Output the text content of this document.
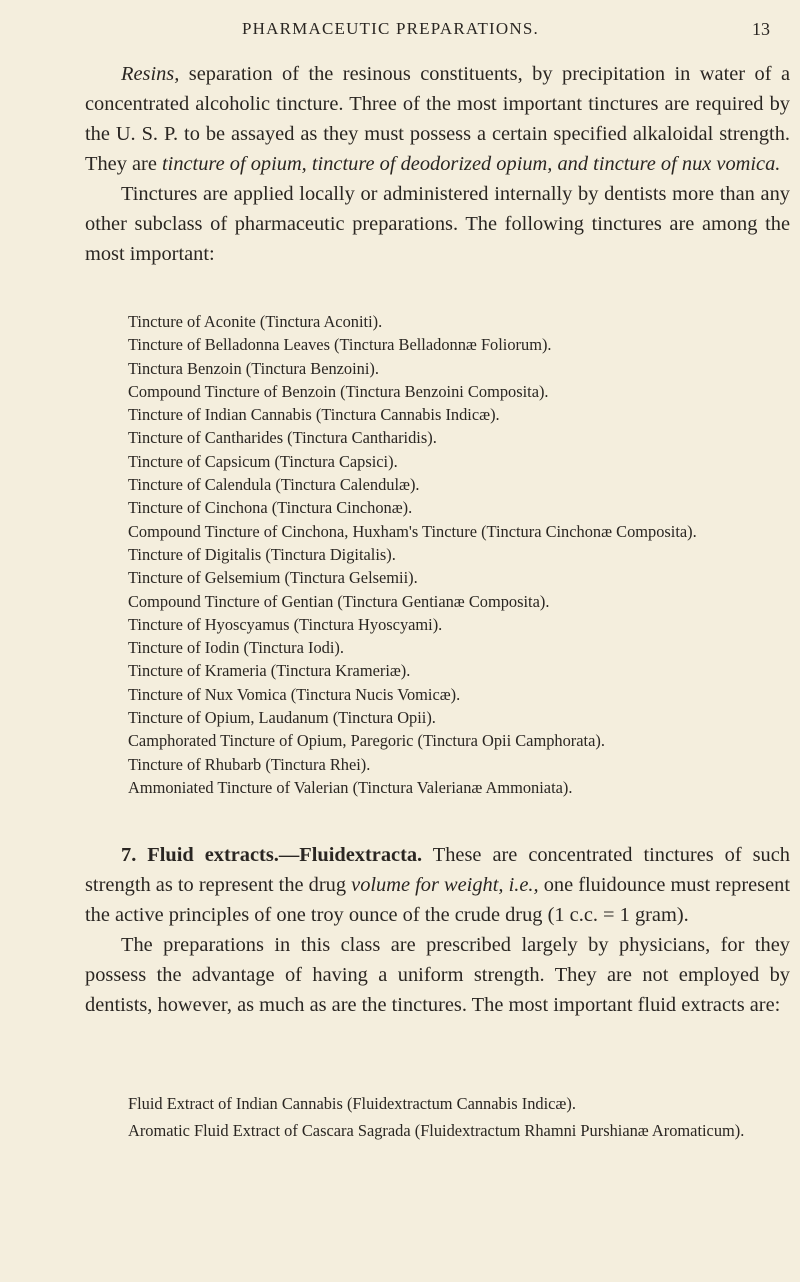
PHARMACEUTIC PREPARATIONS.	13

Resins, separation of the resinous constituents, by precipitation in water of a concentrated alcoholic tincture. Three of the most important tinctures are required by the U. S. P. to be assayed as they must possess a certain specified alkaloidal strength. They are tincture of opium, tincture of deodorized opium, and tincture of nux vomica.

Tinctures are applied locally or administered internally by dentists more than any other subclass of pharmaceutic preparations. The following tinctures are among the most important:

Tincture of Aconite (Tinctura Aconiti).

Tincture of Belladonna Leaves (Tinctura Belladonnæ Foliorum).

Tinctura Benzoin (Tinctura Benzoini).

Compound Tincture of Benzoin (Tinctura Benzoini Composita).

Tincture of Indian Cannabis (Tinctura Cannabis Indicæ).

Tincture of Cantharides (Tinctura Cantharidis).

Tincture of Capsicum (Tinctura Capsici).

Tincture of Calendula (Tinctura Calendulæ).

Tincture of Cinchona (Tinctura Cinchonæ).

Compound Tincture of Cinchona, Huxham's Tincture (Tinctura Cinchonæ Composita).

Tincture of Digitalis (Tinctura Digitalis).

Tincture of Gelsemium (Tinctura Gelsemii).

Compound Tincture of Gentian (Tinctura Gentianæ Composita).

Tincture of Hyoscyamus (Tinctura Hyoscyami).

Tincture of Iodin (Tinctura Iodi).

Tincture of Krameria (Tinctura Krameriæ).

Tincture of Nux Vomica (Tinctura Nucis Vomicæ).

Tincture of Opium, Laudanum (Tinctura Opii).

Camphorated Tincture of Opium, Paregoric (Tinctura Opii Camphorata).

Tincture of Rhubarb (Tinctura Rhei).

Ammoniated Tincture of Valerian (Tinctura Valerianæ Ammoniata).

7. Fluid extracts.—Fluidextracta. These are concentrated tinctures of such strength as to represent the drug volume for weight, i.e., one fluidounce must represent the active principles of one troy ounce of the crude drug (1 c.c. = 1 gram).

The preparations in this class are prescribed largely by physicians, for they possess the advantage of having a uniform strength. They are not employed by dentists, however, as much as are the tinctures. The most important fluid extracts are:

Fluid Extract of Indian Cannabis (Fluidextractum Cannabis Indicæ).

Aromatic Fluid Extract of Cascara Sagrada (Fluidextractum Rhamni Purshianæ Aromaticum).
